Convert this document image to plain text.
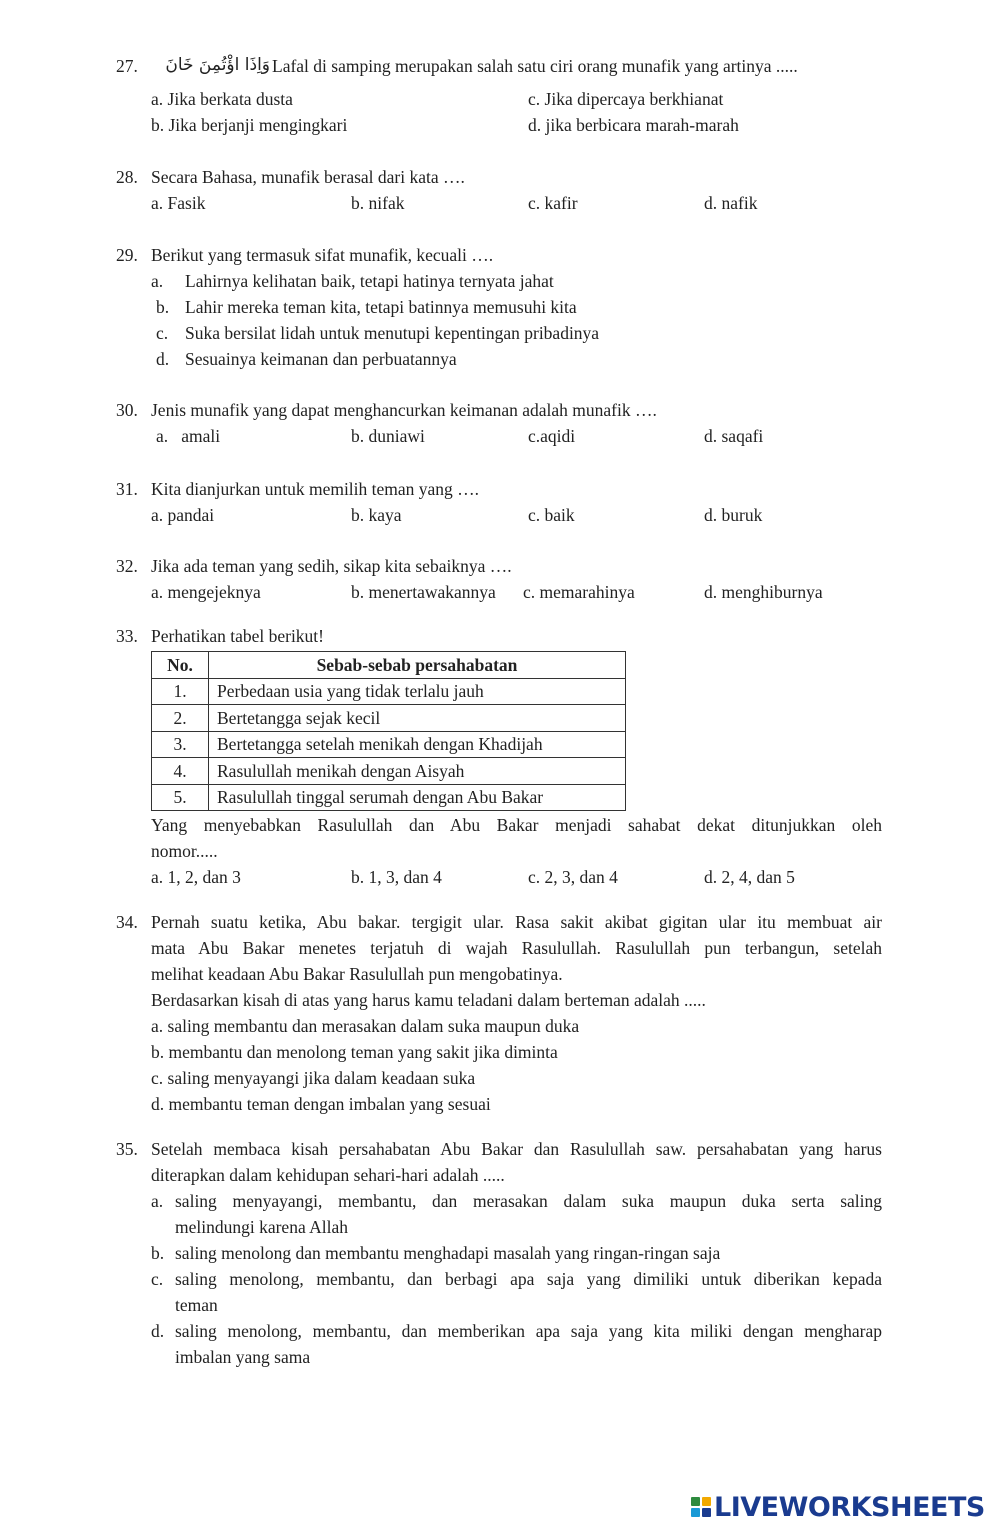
27.	وَاِذَا اؤْتُمِنَ خَانَ Lafal di samping merupakan salah satu ciri orang munafik yang artinya .....
a. Jika berkata dusta	c. Jika dipercaya berkhianat
b. Jika berjanji mengingkari	d. jika berbicara marah-marah
28. Secara Bahasa, munafik berasal dari kata ….
a. Fasik	b. nifak	c. kafir	d. nafik
29. Berikut yang termasuk sifat munafik, kecuali ….
a. Lahirnya kelihatan baik, tetapi hatinya ternyata jahat
b. Lahir mereka teman kita, tetapi batinnya memusuhi kita
c. Suka bersilat lidah untuk menutupi kepentingan pribadinya
d. Sesuainya keimanan dan perbuatannya
30. Jenis munafik yang dapat menghancurkan keimanan adalah munafik ….
a.   amali	b. duniawi	c.aqidi	d. saqafi
31. Kita dianjurkan untuk memilih teman yang ….
a. pandai	b. kaya	c. baik	d. buruk
32. Jika ada teman yang sedih, sikap kita sebaiknya ….
a. mengejeknya	b. menertawakannya c. memarahinya	d. menghiburnya
33. Perhatikan tabel berikut!
No.	Sebab-sebab persahabatan
1.	Perbedaan usia yang tidak terlalu jauh
2.	Bertetangga sejak kecil
3.	Bertetangga setelah menikah dengan Khadijah
4.	Rasulullah menikah dengan Aisyah
5.	Rasulullah tinggal serumah dengan Abu Bakar
Yang menyebabkan Rasulullah dan Abu Bakar menjadi sahabat dekat ditunjukkan oleh
nomor.....
a. 1, 2, dan 3	b. 1, 3, dan 4	c. 2, 3, dan 4	d. 2, 4, dan 5
34. Pernah suatu ketika, Abu bakar. tergigit ular. Rasa sakit akibat gigitan ular itu membuat air
mata Abu Bakar menetes terjatuh di wajah Rasulullah. Rasulullah pun terbangun, setelah
melihat keadaan Abu Bakar Rasulullah pun mengobatinya.
Berdasarkan kisah di atas yang harus kamu teladani dalam berteman adalah .....
a. saling membantu dan merasakan dalam suka maupun duka
b. membantu dan menolong teman yang sakit jika diminta
c. saling menyayangi jika dalam keadaan suka
d. membantu teman dengan imbalan yang sesuai
35. Setelah membaca kisah persahabatan Abu Bakar dan Rasulullah saw. persahabatan yang harus
diterapkan dalam kehidupan sehari-hari adalah .....
a. saling menyayangi, membantu, dan merasakan dalam suka maupun duka serta saling
melindungi karena Allah
b. saling menolong dan membantu menghadapi masalah yang ringan-ringan saja
c. saling menolong, membantu, dan berbagi apa saja yang dimiliki untuk diberikan kepada
teman
d. saling menolong, membantu, dan memberikan apa saja yang kita miliki dengan mengharap
imbalan yang sama
LIVEWORKSHEETS
